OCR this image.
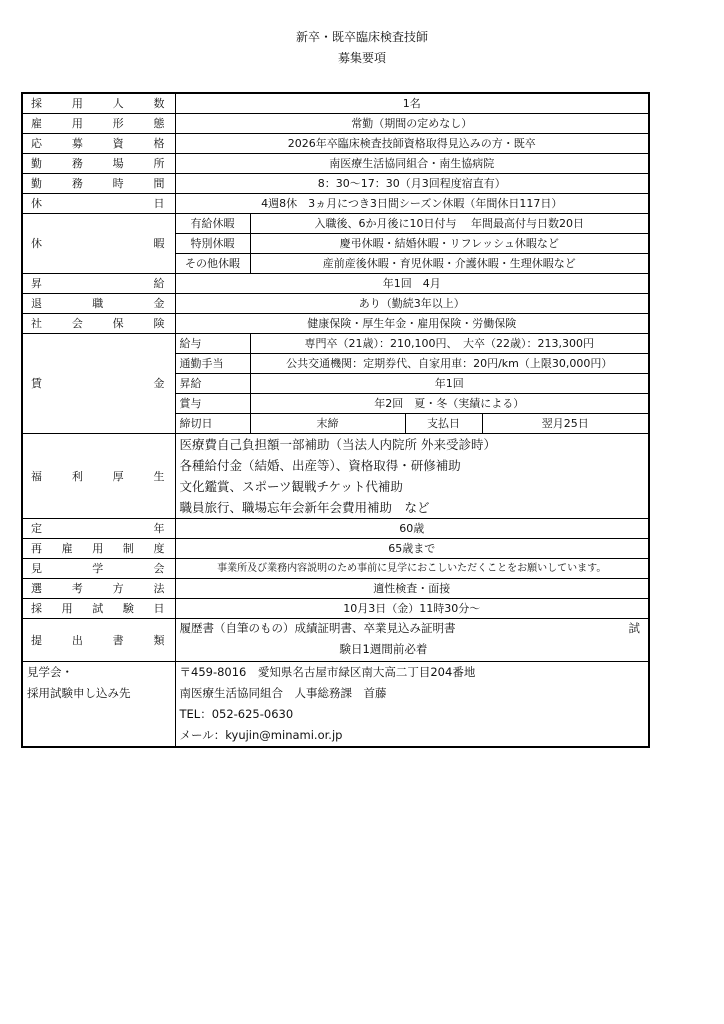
新卒・既卒臨床検査技師
募集要項
採用人数	1名			
雇用形態	常勤（期間の定めなし）			
応募資格	2026年卒臨床検査技師資格取得見込みの方・既卒			
勤務場所	南医療生活協同組合・南生協病院			
勤務時間	8：30〜17：30（月3回程度宿直有）			
休日	4週8休　3ヵ月につき3日間シーズン休暇（年間休日117日）			
休暇	有給休暇	入職後、6か月後に10日付与　 年間最高付与日数20日		
	特別休暇	慶弔休暇・結婚休暇・リフレッシュ休暇など		
	その他休暇	産前産後休暇・育児休暇・介護休暇・生理休暇など		
昇給	年1回　4月			
退職金	あり（勤続3年以上）			
社会保険	健康保険・厚生年金・雇用保険・労働保険			
賃金	給与	専門卒（21歳）：210,100円、　大卒（22歳）：213,300円		
	通勤手当	公共交通機関：定期券代、自家用車：20円/km（上限30,000円）		
	昇給	年1回		
	賞与	年2回　夏・冬（実績による）		
	締切日	末締	支払日	翌月25日
福利厚生	医療費自己負担額一部補助（当法人内院所 外来受診時）
各種給付金（結婚、出産等）、資格取得・研修補助
文化鑑賞、スポーツ観戦チケット代補助
職員旅行、職場忘年会新年会費用補助　など			

定年	60歳			
再雇用制度	65歳まで			
見学会	事業所及び業務内容説明のため事前に見学におこしいただくことをお願いしています。			
選考方法	適性検査・面接			
採用試験日	10月3日（金）11時30分〜			
提出書類	履歴書（自筆のもの）成績証明書、卒業見込み証明書 試
験日1週間前必着			

見学会・
採用試験申し込み先	〒459-8016　愛知県名古屋市緑区南大高二丁目204番地
南医療生活協同組合　人事総務課　首藤
TEL：052-625-0630
メール：kyujin@minami.or.jp			
